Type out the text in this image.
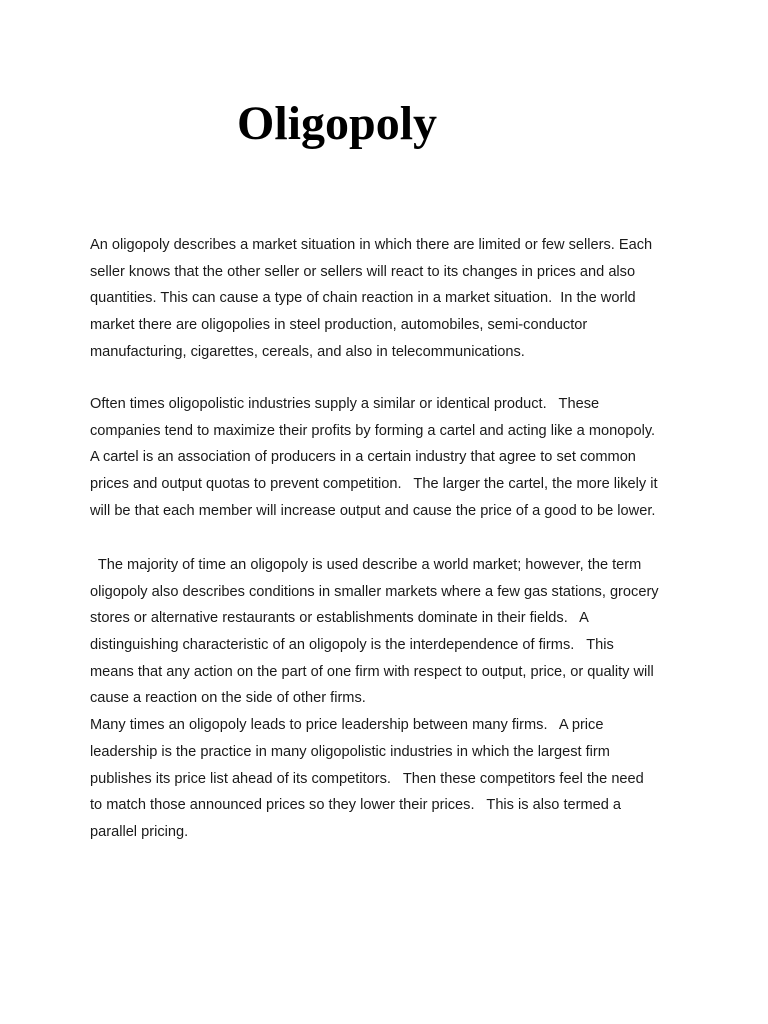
Oligopoly
An oligopoly describes a market situation in which there are limited or few sellers. Each
seller knows that the other seller or sellers will react to its changes in prices and also
quantities. This can cause a type of chain reaction in a market situation.  In the world
market there are oligopolies in steel production, automobiles, semi-conductor
manufacturing, cigarettes, cereals, and also in telecommunications.
Often times oligopolistic industries supply a similar or identical product.   These
companies tend to maximize their profits by forming a cartel and acting like a monopoly.
A cartel is an association of producers in a certain industry that agree to set common
prices and output quotas to prevent competition.   The larger the cartel, the more likely it
will be that each member will increase output and cause the price of a good to be lower.
The majority of time an oligopoly is used describe a world market; however, the term
oligopoly also describes conditions in smaller markets where a few gas stations, grocery
stores or alternative restaurants or establishments dominate in their fields.   A
distinguishing characteristic of an oligopoly is the interdependence of firms.   This
means that any action on the part of one firm with respect to output, price, or quality will
cause a reaction on the side of other firms.
Many times an oligopoly leads to price leadership between many firms.   A price
leadership is the practice in many oligopolistic industries in which the largest firm
publishes its price list ahead of its competitors.   Then these competitors feel the need
to match those announced prices so they lower their prices.   This is also termed a
parallel pricing.
